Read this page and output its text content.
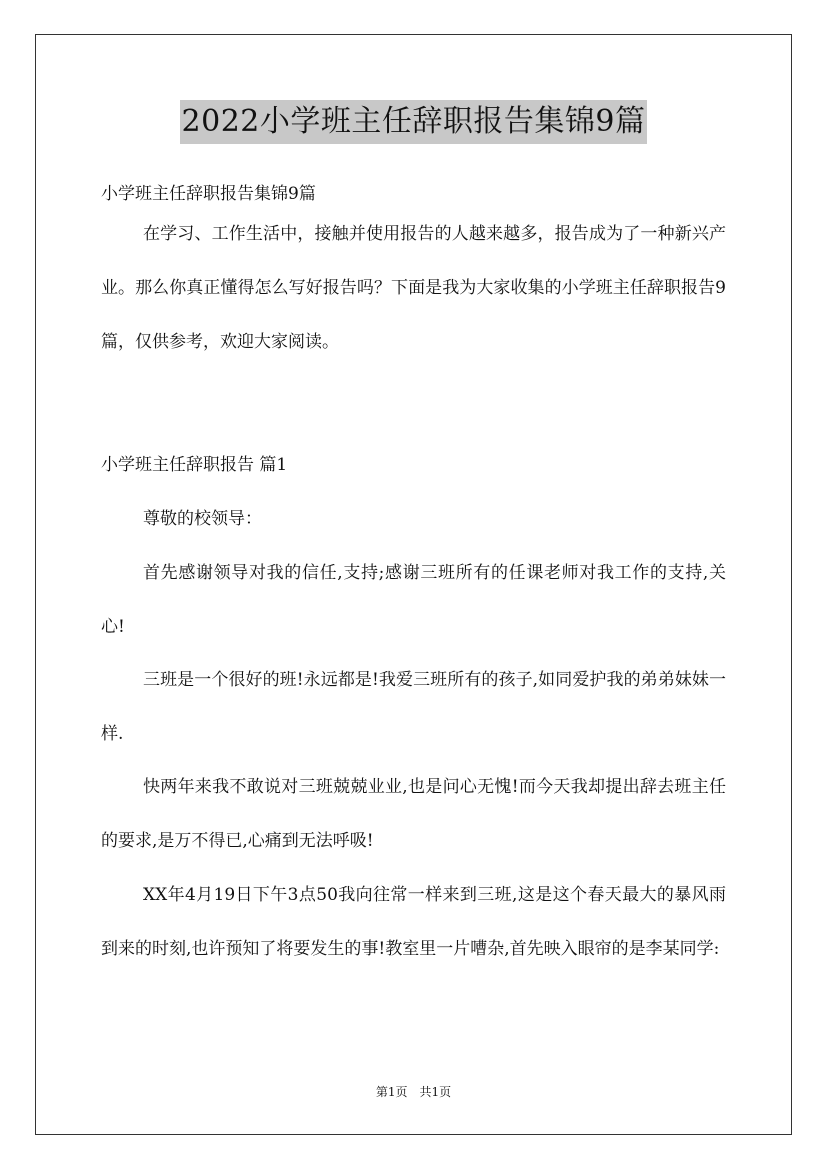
2022小学班主任辞职报告集锦9篇
小学班主任辞职报告集锦9篇

在学习、工作生活中，接触并使用报告的人越来越多，报告成为了一种新兴产业。那么你真正懂得怎么写好报告吗？下面是我为大家收集的小学班主任辞职报告9篇，仅供参考，欢迎大家阅读。

小学班主任辞职报告 篇1

尊敬的校领导：

首先感谢领导对我的信任,支持;感谢三班所有的任课老师对我工作的支持,关心!

三班是一个很好的班!永远都是!我爱三班所有的孩子,如同爱护我的弟弟妹妹一样.

快两年来我不敢说对三班兢兢业业,也是问心无愧!而今天我却提出辞去班主任的要求,是万不得已,心痛到无法呼吸!

XX年4月19日下午3点50我向往常一样来到三班,这是这个春天最大的暴风雨到来的时刻,也许预知了将要发生的事!教室里一片嘈杂,首先映入眼帘的是李某同学:

第1页　共1页
